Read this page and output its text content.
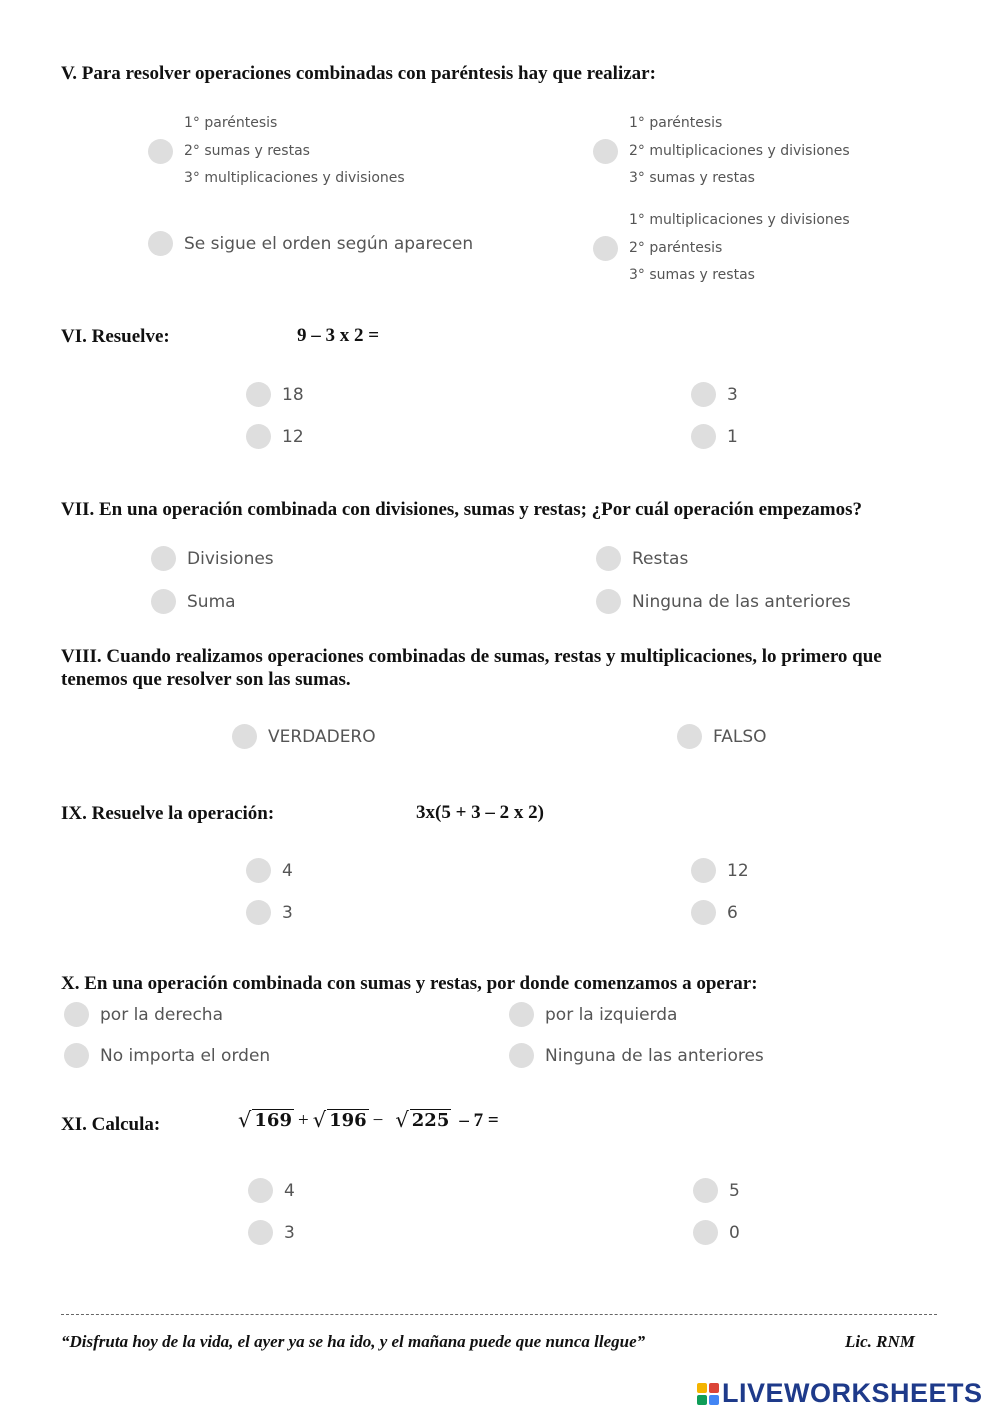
V. Para resolver operaciones combinadas con paréntesis hay que realizar:
1° paréntesis
2° sumas y restas
3° multiplicaciones y divisiones
1° paréntesis
2° multiplicaciones y divisiones
3° sumas y restas
Se sigue el orden según aparecen
1° multiplicaciones y divisiones
2° paréntesis
3° sumas y restas
VI. Resuelve:	9 – 3 x 2 =
18	3
12	1
VII. En una operación combinada con divisiones, sumas y restas; ¿Por cuál operación empezamos?
Divisiones	Restas
Suma	Ninguna de las anteriores
VIII. Cuando realizamos operaciones combinadas de sumas, restas y multiplicaciones, lo primero que tenemos que resolver son las sumas.
VERDADERO	FALSO
IX. Resuelve la operación:	3x(5 + 3 – 2 x 2)
4	12
3	6
X. En una operación combinada con sumas y restas, por donde comenzamos a operar:
por la derecha	por la izquierda
No importa el orden	Ninguna de las anteriores
XI. Calcula:	√ 169 + √ 196 − √ 225 – 7 =
4	5
3	0
“Disfruta hoy de la vida, el ayer ya se ha ido, y el mañana puede que nunca llegue”	Lic. RNM
LIVEWORKSHEETS
